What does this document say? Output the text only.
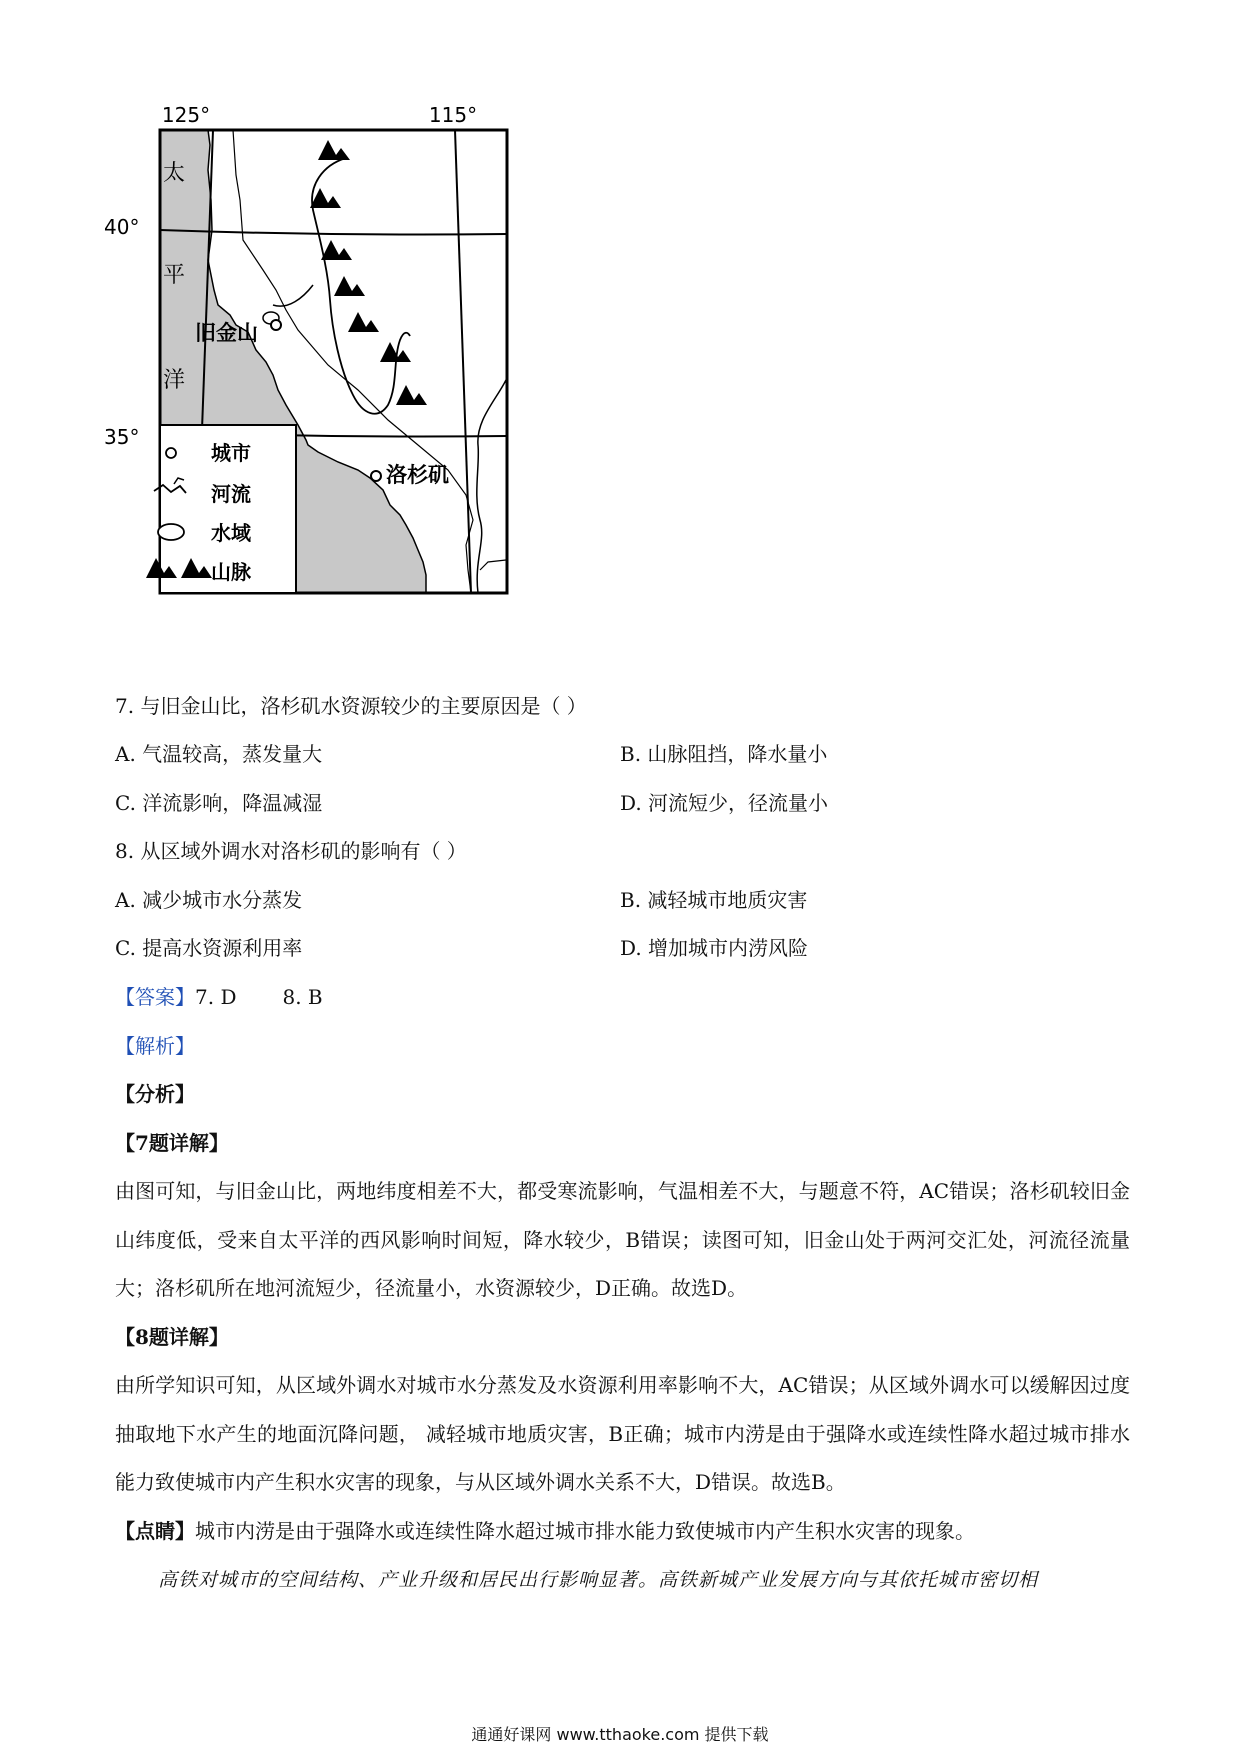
125°	115°
40°
35°
太
平
洋
旧金山
洛杉矶
城市
河流
水域
山脉
7. 与旧金山比，洛杉矶水资源较少的主要原因是（ ）
A. 气温较高，蒸发量大	B. 山脉阻挡，降水量小
C. 洋流影响，降温减湿	D. 河流短少，径流量小
8. 从区域外调水对洛杉矶的影响有（ ）
A. 减少城市水分蒸发	B. 减轻城市地质灾害
C. 提高水资源利用率	D. 增加城市内涝风险
【答案】7. D 8. B
【解析】
【分析】
【7题详解】
由图可知，与旧金山比，两地纬度相差不大，都受寒流影响，气温相差不大，与题意不符，AC错误；洛杉矶较旧金山纬度低，受来自太平洋的西风影响时间短，降水较少，B错误；读图可知，旧金山处于两河交汇处，河流径流量大；洛杉矶所在地河流短少，径流量小，水资源较少，D正确。故选D。
【8题详解】
由所学知识可知，从区域外调水对城市水分蒸发及水资源利用率影响不大，AC错误；从区域外调水可以缓解因过度抽取地下水产生的地面沉降问题， 减轻城市地质灾害，B正确；城市内涝是由于强降水或连续性降水超过城市排水能力致使城市内产生积水灾害的现象，与从区域外调水关系不大，D错误。故选B。
【点睛】城市内涝是由于强降水或连续性降水超过城市排水能力致使城市内产生积水灾害的现象。
高铁对城市的空间结构、产业升级和居民出行影响显著。高铁新城产业发展方向与其依托城市密切相
通通好课网 www.tthaoke.com 提供下载
